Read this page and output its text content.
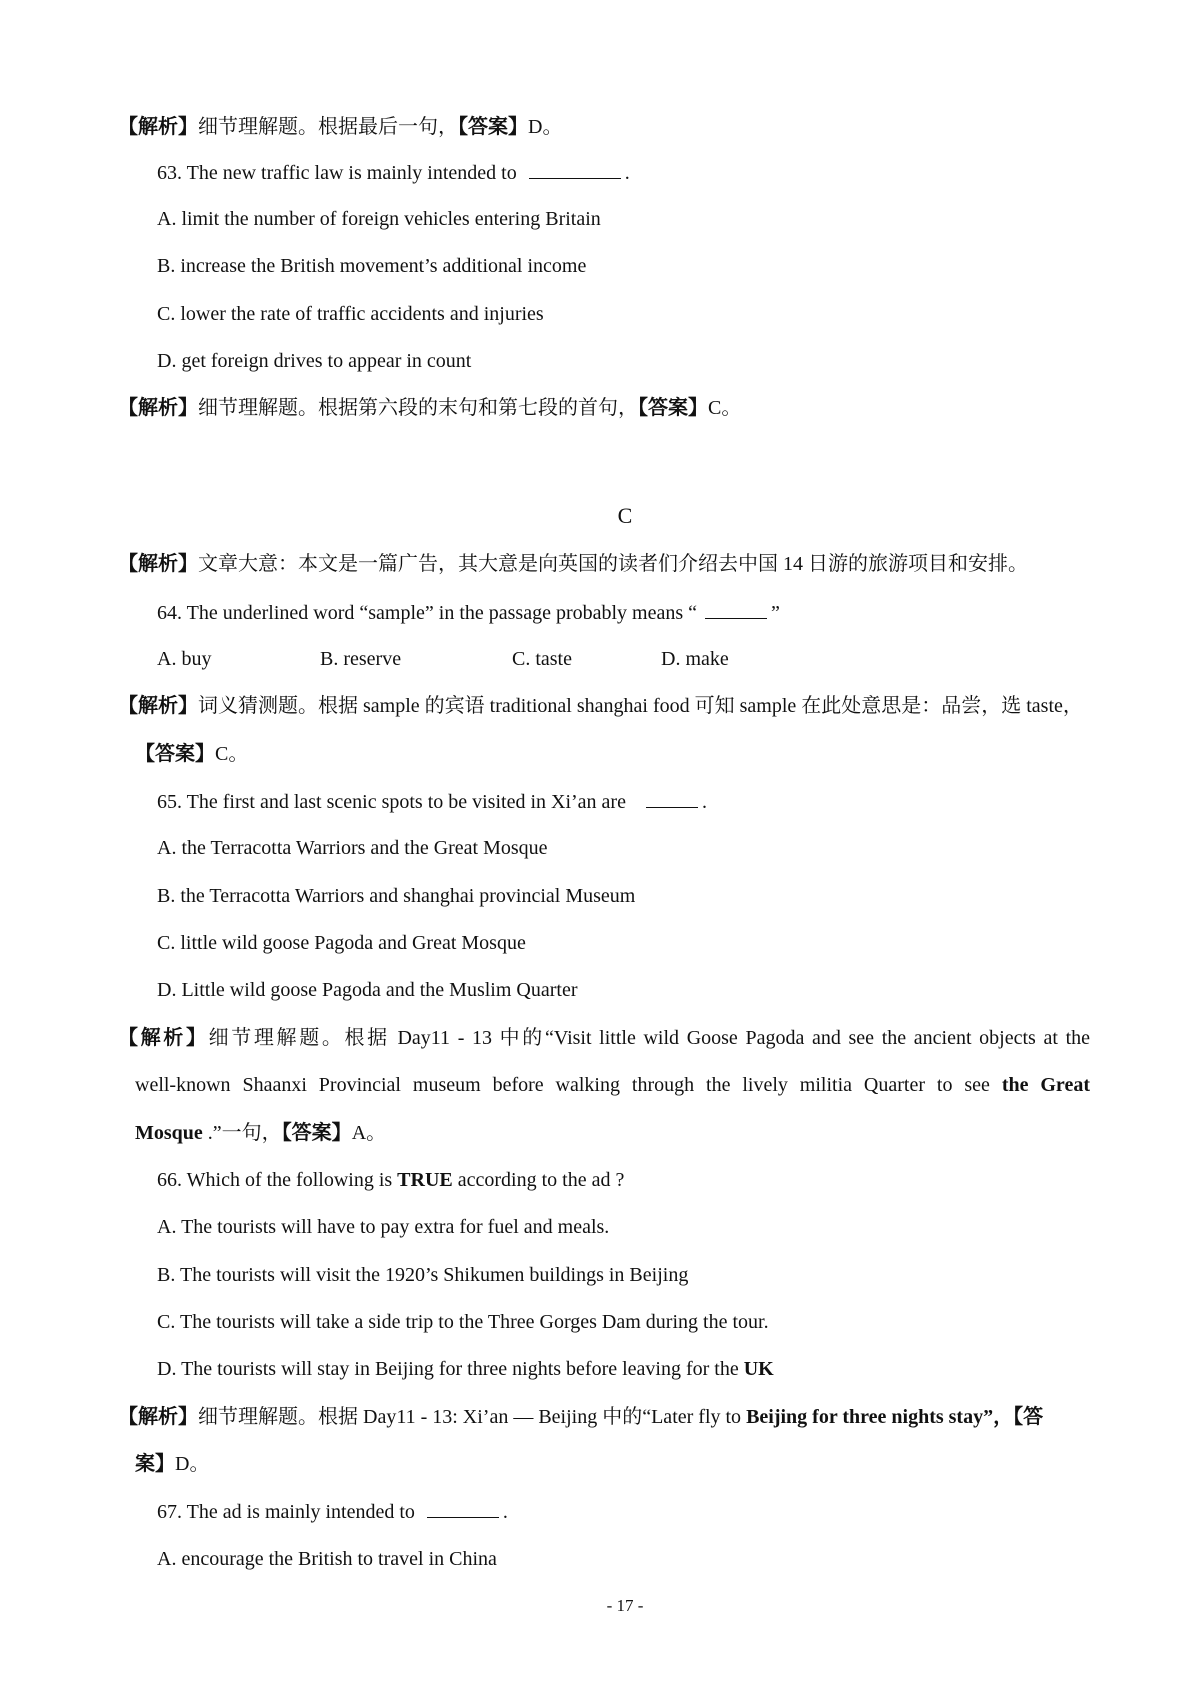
【解析】细节理解题。根据最后一句，【答案】D。
63. The new traffic law is mainly intended to	.
A. limit the number of foreign vehicles entering Britain
B. increase the British movement’s additional income
C. lower the rate of traffic accidents and injuries
D. get foreign drives to appear in count
【解析】细节理解题。根据第六段的末句和第七段的首句，【答案】C。
C
【解析】文章大意：本文是一篇广告，其大意是向英国的读者们介绍去中国 14 日游的旅游项目和安排。
64. The underlined word “sample” in the passage probably means “	”
A. buy	B. reserve	C. taste	D. make
【解析】词义猜测题。根据 sample 的宾语 traditional shanghai food 可知 sample 在此处意思是：品尝，选 taste，
【答案】C。
65. The first and last scenic spots to be visited in Xi’an are	.
A. the Terracotta Warriors and the Great Mosque
B. the Terracotta Warriors and shanghai provincial Museum
C. little wild goose Pagoda and Great Mosque
D. Little wild goose Pagoda and the Muslim Quarter
【解析】细节理解题。根据 Day11 - 13 中的“Visit little wild Goose Pagoda and see the ancient objects at the
well-known Shaanxi Provincial museum before walking through the lively militia Quarter to see the Great
Mosque .”一句，【答案】A。
66. Which of the following is TRUE according to the ad ?
A. The tourists will have to pay extra for fuel and meals.
B. The tourists will visit the 1920’s Shikumen buildings in Beijing
C. The tourists will take a side trip to the Three Gorges Dam during the tour.
D. The tourists will stay in Beijing for three nights before leaving for the UK
【解析】细节理解题。根据 Day11 - 13: Xi’an — Beijing 中的“Later fly to Beijing for three nights stay”，【答
案】D。
67. The ad is mainly intended to	.
A. encourage the British to travel in China
- 17 -
